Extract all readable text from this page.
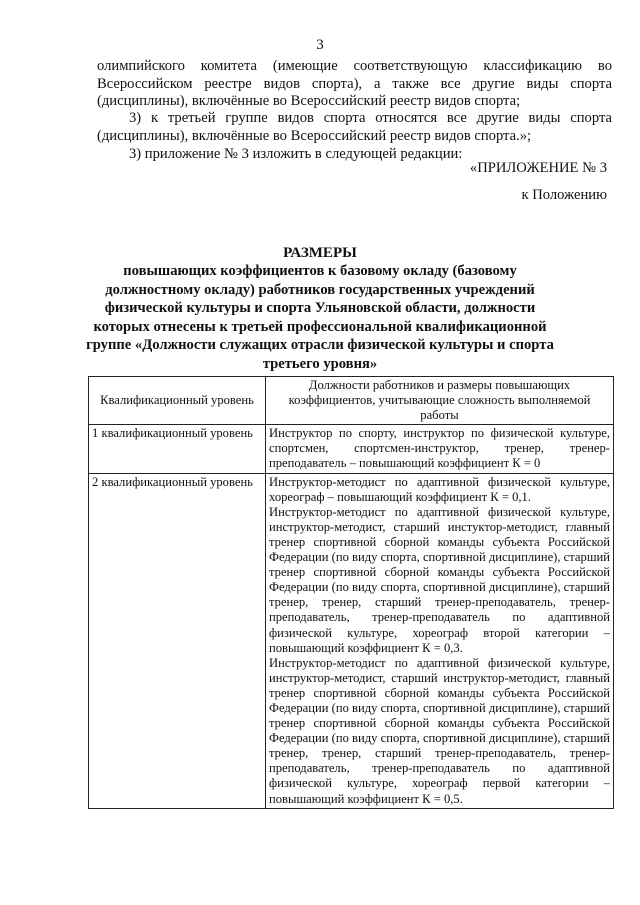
3
олимпийского комитета (имеющие соответствующую классификацию во Всероссийском реестре видов спорта), а также все другие виды спорта (дисциплины), включённые во Всероссийский реестр видов спорта;
3) к третьей группе видов спорта относятся все другие виды спорта (дисциплины), включённые во Всероссийский реестр видов спорта.»;
3) приложение № 3 изложить в следующей редакции:
«ПРИЛОЖЕНИЕ № 3
к Положению
РАЗМЕРЫ
повышающих коэффициентов к базовому окладу (базовому должностному окладу) работников государственных учреждений физической культуры и спорта Ульяновской области, должности которых отнесены к третьей профессиональной квалификационной группе «Должности служащих отрасли физической культуры и спорта третьего уровня»
Квалификационный уровень	Должности работников и размеры повышающих коэффициентов, учитывающие сложность выполняемой работы
1 квалификационный уровень	Инструктор по спорту, инструктор по физической культуре, спортсмен, спортсмен-инструктор, тренер, тренер-преподаватель – повышающий коэффициент К = 0

2 квалификационный уровень	Инструктор-методист по адаптивной физической культуре, хореограф – повышающий коэффициент К = 0,1.
Инструктор-методист по адаптивной физической культуре, инструктор-методист, старший инстуктор-методист, главный тренер спортивной сборной команды субъекта Российской Федерации (по виду спорта, спортивной дисциплине), старший тренер спортивной сборной команды субъекта Российской Федерации (по виду спорта, спортивной дисциплине), старший тренер, тренер, старший тренер-преподаватель, тренер-преподаватель, тренер-преподаватель по адаптивной физической культуре, хореограф второй категории – повышающий коэффициент К = 0,3.
Инструктор-методист по адаптивной физической культуре, инструктор-методист, старший инструктор-методист, главный тренер спортивной сборной команды субъекта Российской Федерации (по виду спорта, спортивной дисциплине), старший тренер спортивной сборной команды субъекта Российской Федерации (по виду спорта, спортивной дисциплине), старший тренер, тренер, старший тренер-преподаватель, тренер-преподаватель, тренер-преподаватель по адаптивной физической культуре, хореограф первой категории – повышающий коэффициент К = 0,5.
